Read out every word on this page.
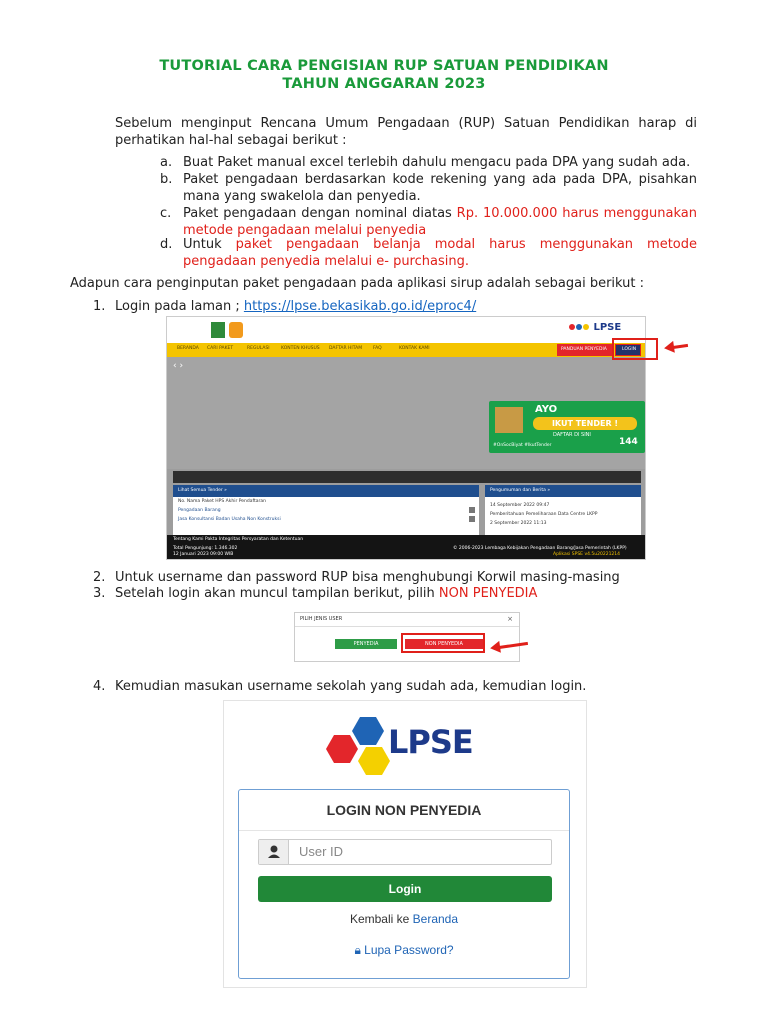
TUTORIAL CARA PENGISIAN RUP SATUAN PENDIDIKAN
TAHUN ANGGARAN 2023
Sebelum menginput Rencana Umum Pengadaan (RUP) Satuan Pendidikan harap di perhatikan hal-hal sebagai berikut :
a. Buat Paket manual excel terlebih dahulu mengacu pada DPA yang sudah ada.
b. Paket pengadaan berdasarkan kode rekening yang ada pada DPA, pisahkan mana yang swakelola dan penyedia.
c. Paket pengadaan dengan nominal diatas Rp. 10.000.000 harus menggunakan metode pengadaan melalui penyedia
d. Untuk paket pengadaan belanja modal harus menggunakan metode pengadaan penyedia melalui e- purchasing.
Adapun cara penginputan paket pengadaan pada aplikasi sirup adalah sebagai berikut :
1. Login pada laman ; https://lpse.bekasikab.go.id/eproc4/
LPSE
BERANDA CARI PAKET	REGULASI	KONTEN KHUSUS DAFTAR HITAM FAQ	KONTAK KAMI	PANDUAN PENYEDIA	LOGIN
‹ ›
AYO
IKUT TENDER !
DAFTAR DI SINI
#OnSocBiyat #IkutTender	144
Lihat Semua Tender »
No. Nama Paket HPS Akhir Pendaftaran
Pengadaan Barang
Jasa Konsultansi Badan Usaha Non Konstruksi
Pengumuman dan Berita »
14 September 2022 09:47
Pemberitahuan Pemeliharaan Data Centre LKPP
2 September 2022 11:13
Tentang Kami Pakta Integritas Persyaratan dan Ketentuan
Total Pengunjung: 1.346.302
12 Januari 2023 09:00 WIB
© 2006-2023 Lembaga Kebijakan Pengadaan Barang/Jasa Pemerintah (LKPP)
Aplikasi SPSE v4.5u20221214
2. Untuk username dan password RUP bisa menghubungi Korwil masing-masing
3. Setelah login akan muncul tampilan berikut, pilih NON PENYEDIA
PILIH JENIS USER	×
PENYEDIA	NON PENYEDIA
4. Kemudian masukan username sekolah yang sudah ada, kemudian login.
LPSE
LOGIN NON PENYEDIA
User ID
Login
Kembali ke Beranda
🔒︎ Lupa Password?
